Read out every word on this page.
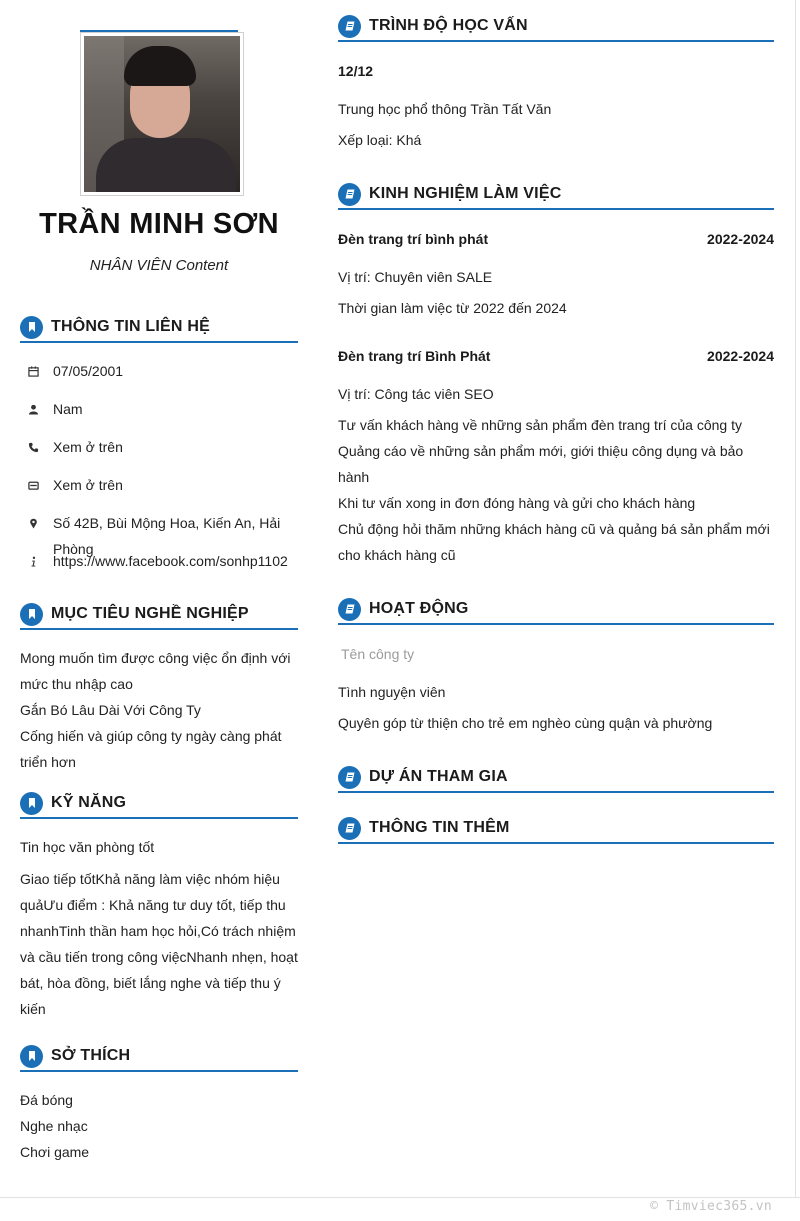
© Timviec365.vn
TRẦN MINH SƠN
NHÂN VIÊN Content
THÔNG TIN LIÊN HỆ
07/05/2001
Nam
Xem ở trên
Xem ở trên
Số 42B, Bùi Mộng Hoa, Kiến An, Hải Phòng
https://www.facebook.com/sonhp1102
MỤC TIÊU NGHỀ NGHIỆP
Mong muốn tìm được công việc ổn định với mức thu nhập cao
Gắn Bó Lâu Dài Với Công Ty
Cống hiến và giúp công ty ngày càng phát triển hơn
KỸ NĂNG
Tin học văn phòng tốt
Giao tiếp tốtKhả năng làm việc nhóm hiệu quảƯu điểm : Khả năng tư duy tốt, tiếp thu nhanhTinh thần ham học hỏi,Có trách nhiệm và cầu tiến trong công việcNhanh nhẹn, hoạt bát, hòa đồng, biết lắng nghe và tiếp thu ý kiến
SỞ THÍCH
Đá bóng
Nghe nhạc
Chơi game
TRÌNH ĐỘ HỌC VẤN
12/12
Trung học phổ thông Trần Tất Văn
Xếp loại: Khá
KINH NGHIỆM LÀM VIỆC
Đèn trang trí bình phát	2022-2024
Vị trí: Chuyên viên SALE
Thời gian làm việc từ 2022 đến 2024
Đèn trang trí Bình Phát	2022-2024
Vị trí: Công tác viên SEO
Tư vấn khách hàng về những sản phẩm đèn trang trí của công ty
Quảng cáo về những sản phẩm mới, giới thiệu công dụng và bảo hành
Khi tư vấn xong in đơn đóng hàng và gửi cho khách hàng
Chủ động hỏi thăm những khách hàng cũ và quảng bá sản phẩm mới cho khách hàng cũ
HOẠT ĐỘNG
Tên công ty
Tình nguyện viên
Quyên góp từ thiện cho trẻ em nghèo cùng quận và phường
DỰ ÁN THAM GIA
THÔNG TIN THÊM
